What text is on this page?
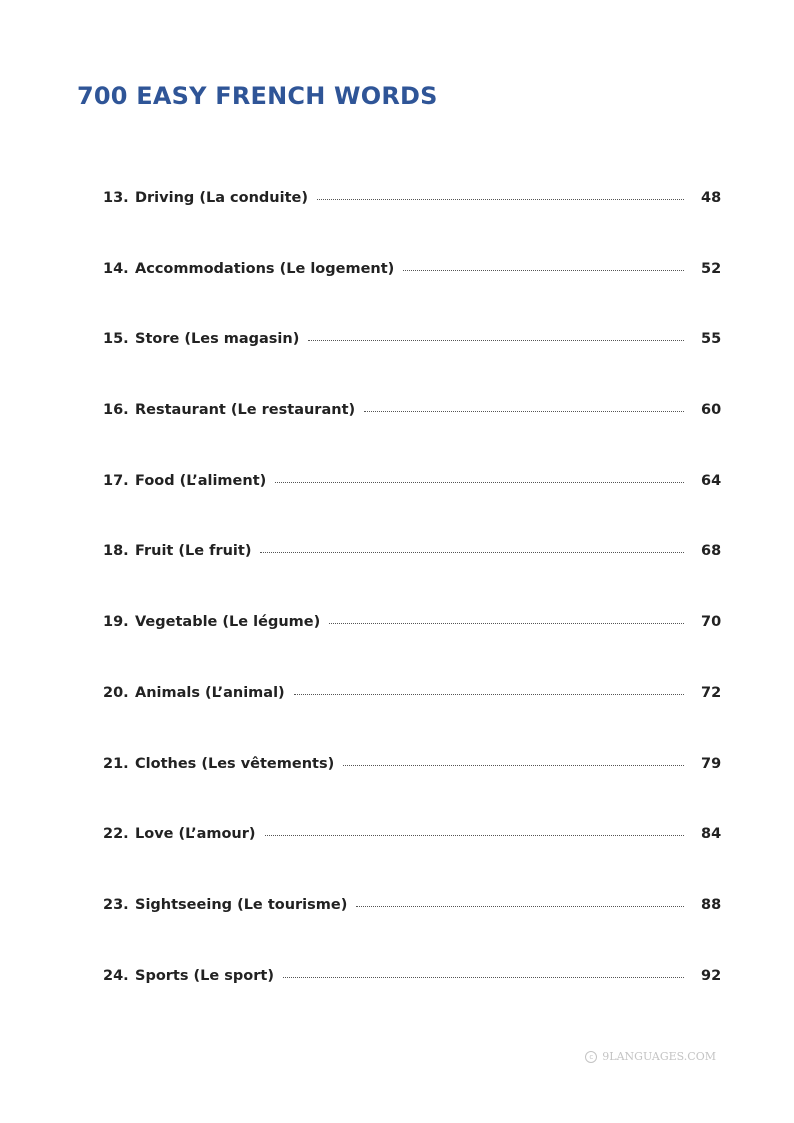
700 EASY FRENCH WORDS
13. Driving (La conduite)	48
14. Accommodations (Le logement)	52
15. Store (Les magasin)	55
16. Restaurant (Le restaurant)	60
17. Food (L’aliment)	64
18. Fruit (Le fruit)	68
19. Vegetable (Le légume)	70
20. Animals (L’animal)	72
21. Clothes (Les vêtements)	79
22. Love (L’amour)	84
23. Sightseeing (Le tourisme)	88
24. Sports (Le sport)	92
c 9LANGUAGES.COM
